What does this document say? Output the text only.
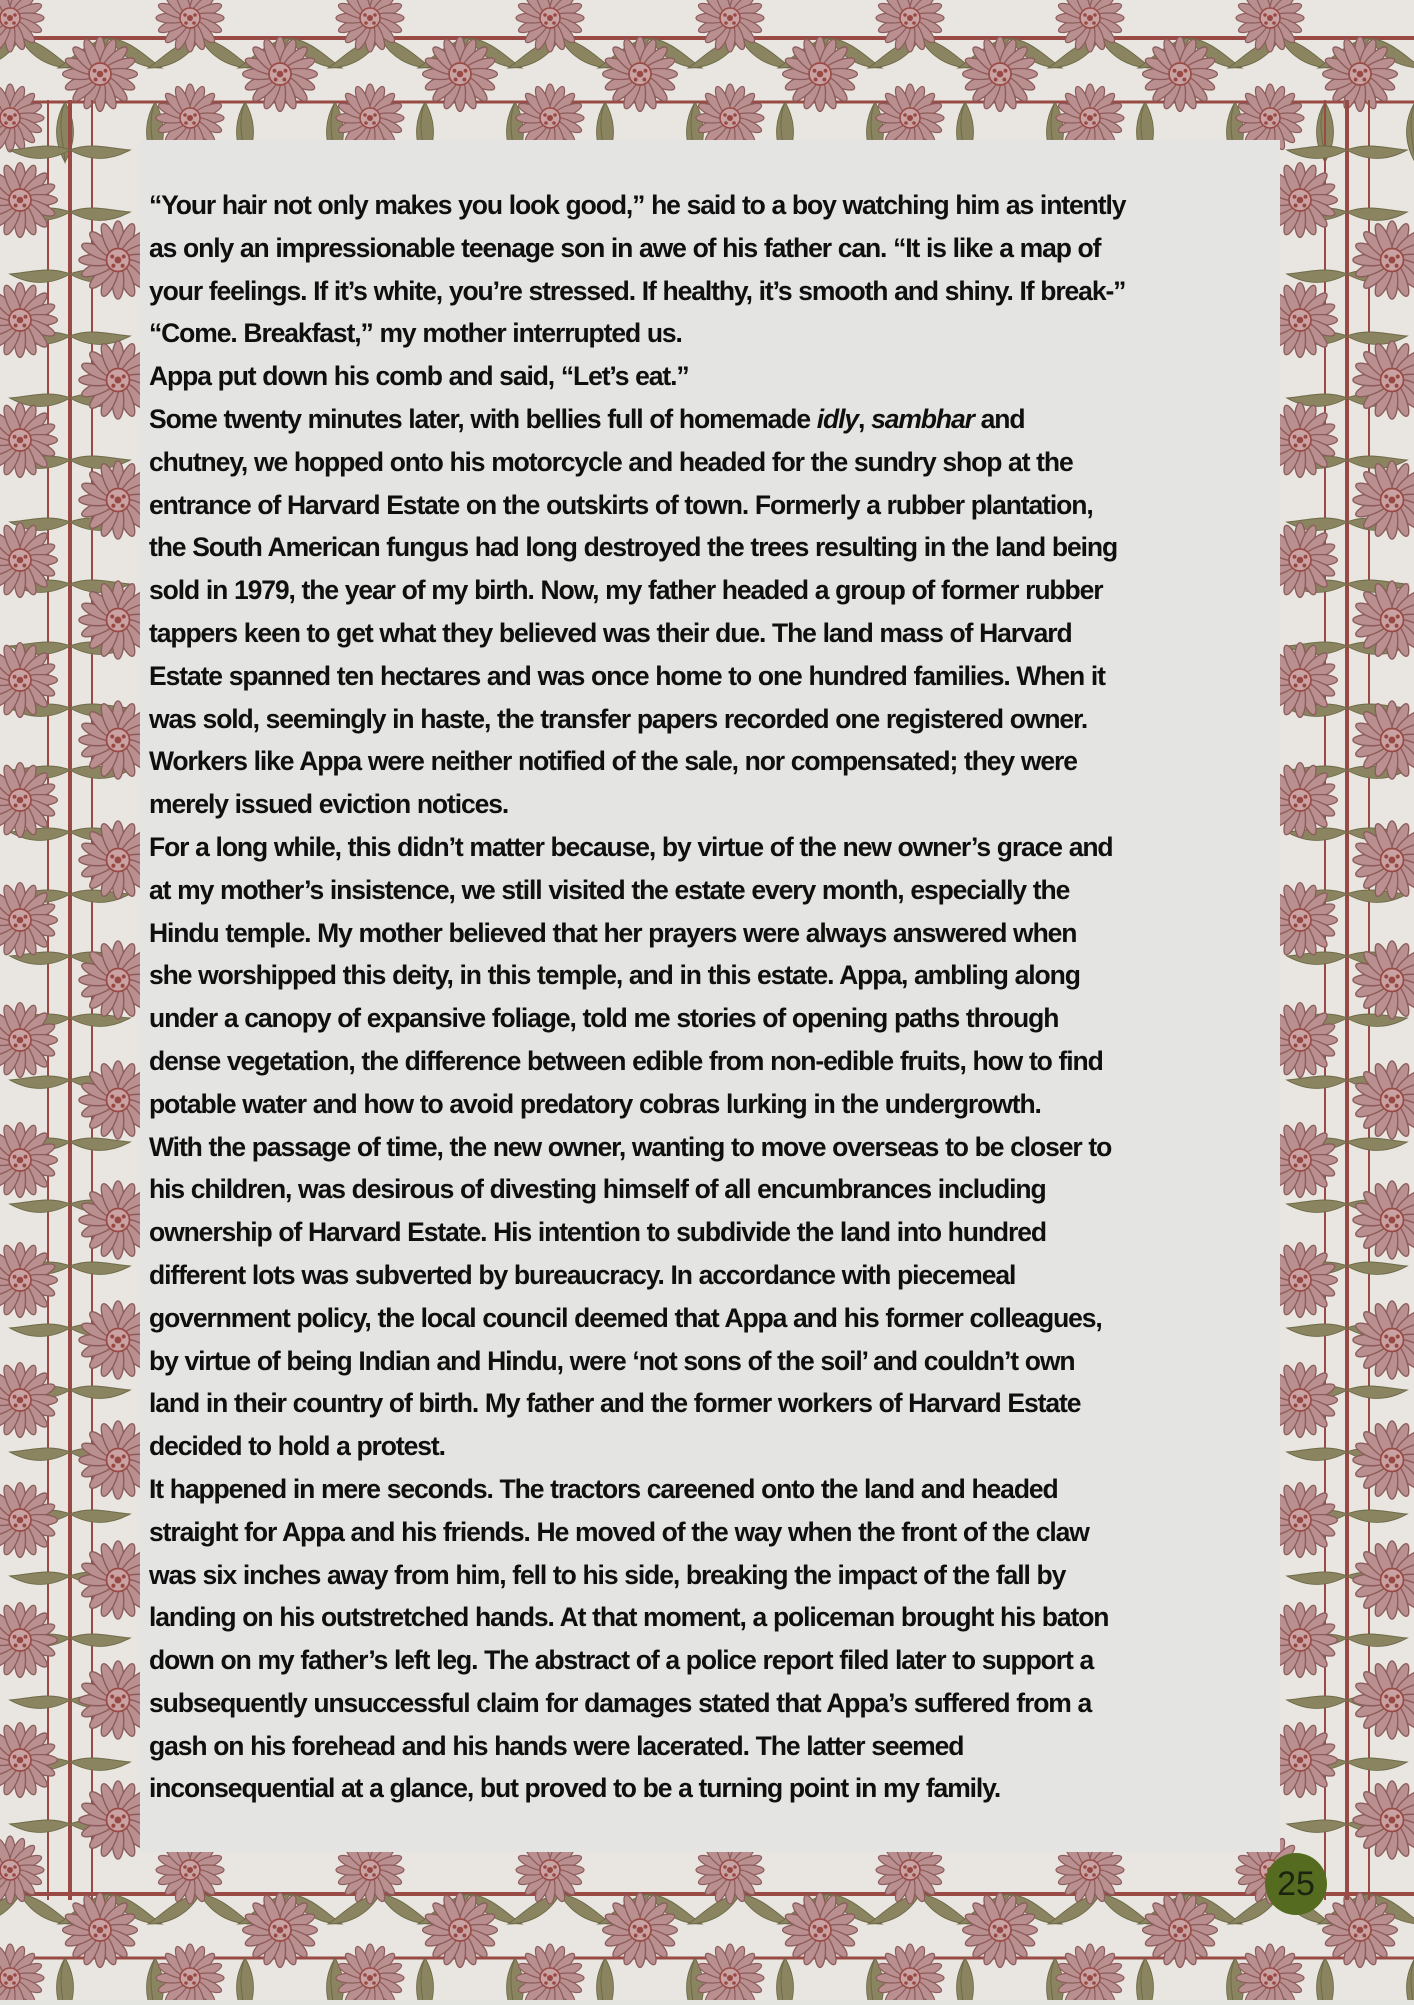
“Your hair not only makes you look good,” he said to a boy watching him as intently

as only an impressionable teenage son in awe of his father can. “It is like a map of

your feelings. If it’s white, you’re stressed. If healthy, it’s smooth and shiny. If break-”

“Come. Breakfast,” my mother interrupted us.

Appa put down his comb and said, “Let’s eat.”

Some twenty minutes later, with bellies full of homemade idly, sambhar and

chutney, we hopped onto his motorcycle and headed for the sundry shop at the

entrance of Harvard Estate on the outskirts of town. Formerly a rubber plantation,

the South American fungus had long destroyed the trees resulting in the land being

sold in 1979, the year of my birth. Now, my father headed a group of former rubber

tappers keen to get what they believed was their due. The land mass of Harvard

Estate spanned ten hectares and was once home to one hundred families. When it

was sold, seemingly in haste, the transfer papers recorded one registered owner.

Workers like Appa were neither notified of the sale, nor compensated; they were

merely issued eviction notices.

For a long while, this didn’t matter because, by virtue of the new owner’s grace and

at my mother’s insistence, we still visited the estate every month, especially the

Hindu temple. My mother believed that her prayers were always answered when

she worshipped this deity, in this temple, and in this estate. Appa, ambling along

under a canopy of expansive foliage, told me stories of opening paths through

dense vegetation, the difference between edible from non-edible fruits, how to find

potable water and how to avoid predatory cobras lurking in the undergrowth.

With the passage of time, the new owner, wanting to move overseas to be closer to

his children, was desirous of divesting himself of all encumbrances including

ownership of Harvard Estate. His intention to subdivide the land into hundred

different lots was subverted by bureaucracy. In accordance with piecemeal

government policy, the local council deemed that Appa and his former colleagues,

by virtue of being Indian and Hindu, were ‘not sons of the soil’ and couldn’t own

land in their country of birth. My father and the former workers of Harvard Estate

decided to hold a protest.

It happened in mere seconds. The tractors careened onto the land and headed

straight for Appa and his friends. He moved of the way when the front of the claw

was six inches away from him, fell to his side, breaking the impact of the fall by

landing on his outstretched hands. At that moment, a policeman brought his baton

down on my father’s left leg. The abstract of a police report filed later to support a

subsequently unsuccessful claim for damages stated that Appa’s suffered from a

gash on his forehead and his hands were lacerated. The latter seemed

inconsequential at a glance, but proved to be a turning point in my family.

25
